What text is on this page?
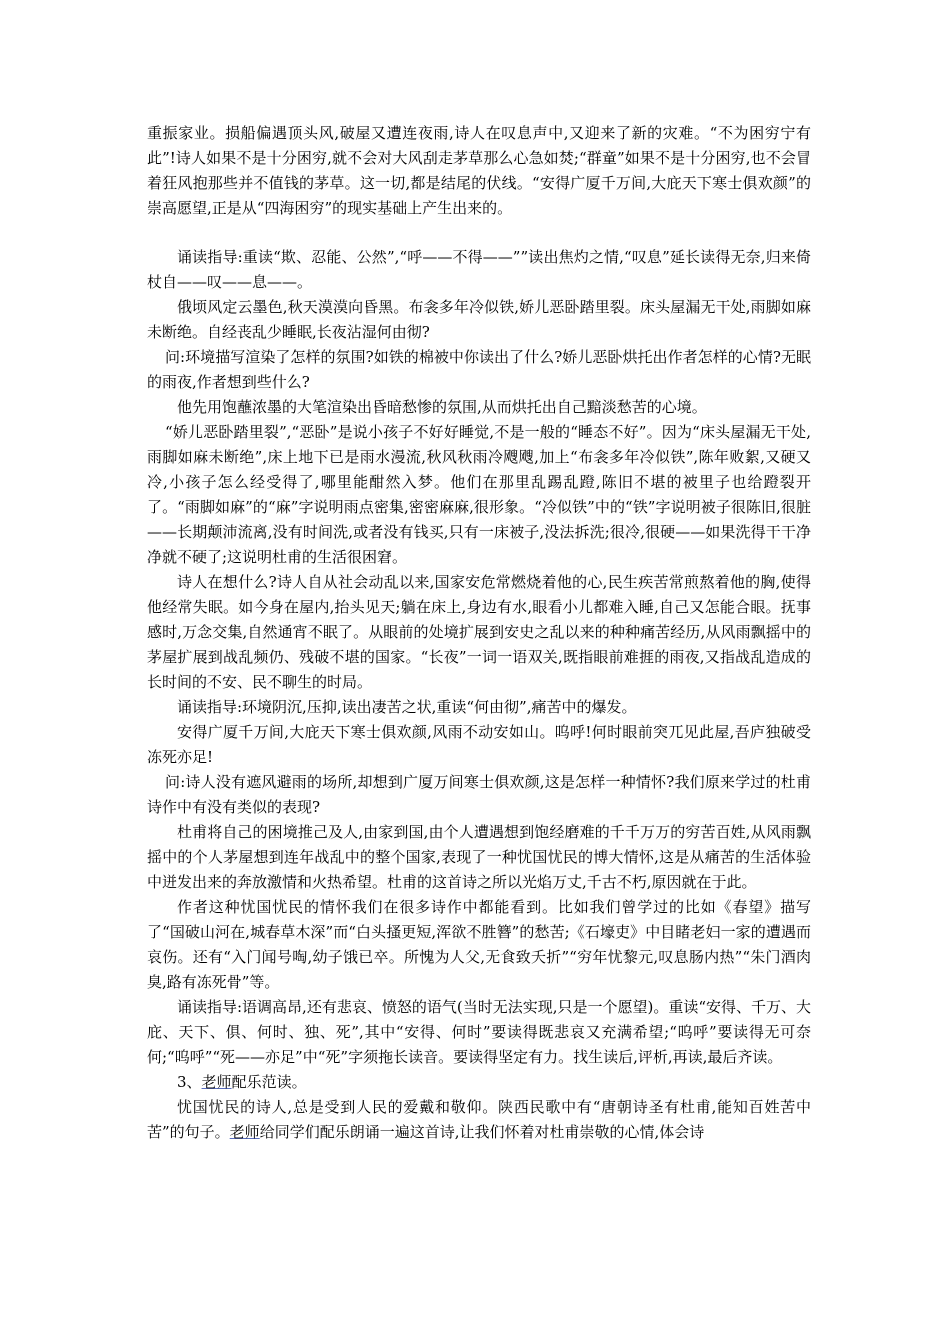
重振家业。损船偏遇顶头风,破屋又遭连夜雨,诗人在叹息声中,又迎来了新的灾难。“不为困穷宁有此”!诗人如果不是十分困穷,就不会对大风刮走茅草那么心急如焚;“群童”如果不是十分困穷,也不会冒着狂风抱那些并不值钱的茅草。这一切,都是结尾的伏线。“安得广厦千万间,大庇天下寒士俱欢颜”的崇高愿望,正是从“四海困穷”的现实基础上产生出来的。

诵读指导:重读“欺、忍能、公然”,“呼——不得——””读出焦灼之情,“叹息”延长读得无奈,归来倚杖自——叹——息——。

俄顷风定云墨色,秋天漠漠向昏黑。布衾多年冷似铁,娇儿恶卧踏里裂。床头屋漏无干处,雨脚如麻未断绝。自经丧乱少睡眠,长夜沾湿何由彻?

问:环境描写渲染了怎样的氛围?如铁的棉被中你读出了什么?娇儿恶卧烘托出作者怎样的心情?无眠的雨夜,作者想到些什么?

他先用饱蘸浓墨的大笔渲染出昏暗愁惨的氛围,从而烘托出自己黯淡愁苦的心境。

“娇儿恶卧踏里裂”,“恶卧”是说小孩子不好好睡觉,不是一般的“睡态不好”。因为“床头屋漏无干处,雨脚如麻未断绝”,床上地下已是雨水漫流,秋风秋雨冷飕飕,加上“布衾多年冷似铁”,陈年败絮,又硬又冷,小孩子怎么经受得了,哪里能酣然入梦。他们在那里乱踢乱蹬,陈旧不堪的被里子也给蹬裂开了。“雨脚如麻”的“麻”字说明雨点密集,密密麻麻,很形象。“冷似铁”中的“铁”字说明被子很陈旧,很脏——长期颠沛流离,没有时间洗,或者没有钱买,只有一床被子,没法拆洗;很冷,很硬——如果洗得干干净净就不硬了;这说明杜甫的生活很困窘。

诗人在想什么?诗人自从社会动乱以来,国家安危常燃烧着他的心,民生疾苦常煎熬着他的胸,使得他经常失眠。如今身在屋内,抬头见天;躺在床上,身边有水,眼看小儿都难入睡,自己又怎能合眼。抚事感时,万念交集,自然通宵不眠了。从眼前的处境扩展到安史之乱以来的种种痛苦经历,从风雨飘摇中的茅屋扩展到战乱频仍、残破不堪的国家。“长夜”一词一语双关,既指眼前难捱的雨夜,又指战乱造成的长时间的不安、民不聊生的时局。

诵读指导:环境阴沉,压抑,读出凄苦之状,重读“何由彻”,痛苦中的爆发。

安得广厦千万间,大庇天下寒士俱欢颜,风雨不动安如山。呜呼!何时眼前突兀见此屋,吾庐独破受冻死亦足!

问:诗人没有遮风避雨的场所,却想到广厦万间寒士俱欢颜,这是怎样一种情怀?我们原来学过的杜甫诗作中有没有类似的表现?

杜甫将自己的困境推己及人,由家到国,由个人遭遇想到饱经磨难的千千万万的穷苦百姓,从风雨飘摇中的个人茅屋想到连年战乱中的整个国家,表现了一种忧国忧民的博大情怀,这是从痛苦的生活体验中迸发出来的奔放激情和火热希望。杜甫的这首诗之所以光焰万丈,千古不朽,原因就在于此。

作者这种忧国忧民的情怀我们在很多诗作中都能看到。比如我们曾学过的比如《春望》描写了“国破山河在,城春草木深”而“白头搔更短,浑欲不胜簪”的愁苦;《石壕吏》中目睹老妇一家的遭遇而哀伤。还有“入门闻号啕,幼子饿已卒。所愧为人父,无食致夭折”“穷年忧黎元,叹息肠内热”“朱门酒肉臭,路有冻死骨”等。

诵读指导:语调高昂,还有悲哀、愤怒的语气(当时无法实现,只是一个愿望)。重读“安得、千万、大庇、天下、俱、何时、独、死”,其中“安得、何时”要读得既悲哀又充满希望;“呜呼”要读得无可奈何;“呜呼”“死——亦足”中“死”字须拖长读音。要读得坚定有力。找生读后,评析,再读,最后齐读。

3、老师配乐范读。

忧国忧民的诗人,总是受到人民的爱戴和敬仰。陕西民歌中有“唐朝诗圣有杜甫,能知百姓苦中苦”的句子。老师给同学们配乐朗诵一遍这首诗,让我们怀着对杜甫崇敬的心情,体会诗
